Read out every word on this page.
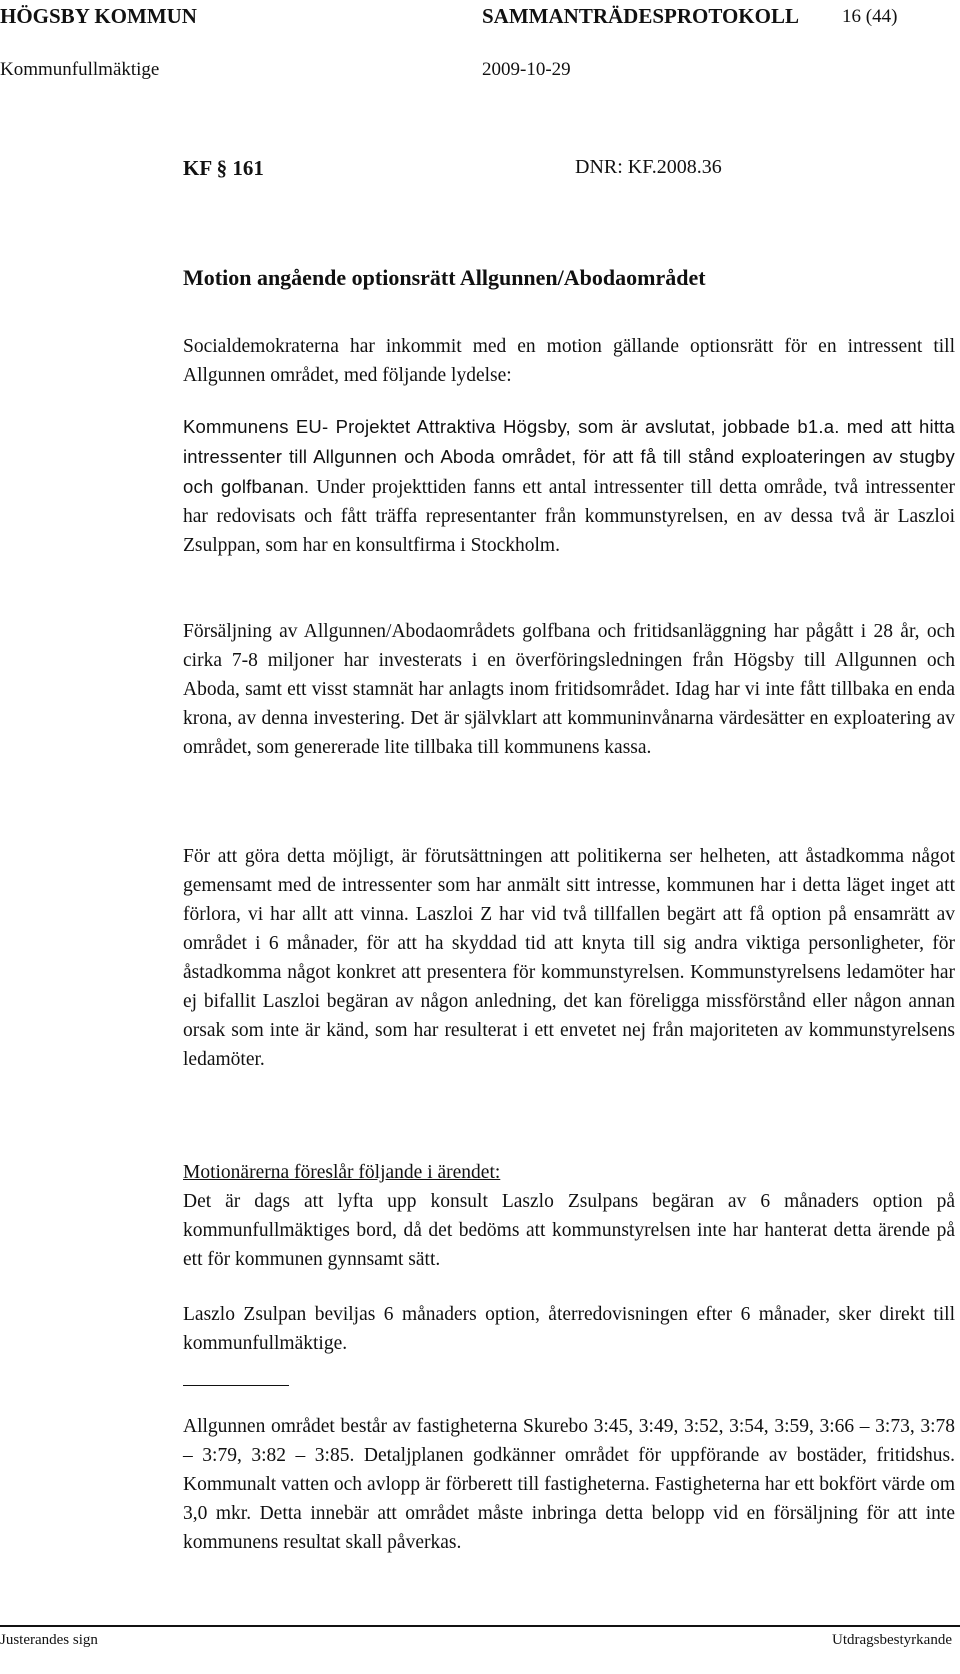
HÖGSBY KOMMUN	SAMMANTRÄDESPROTOKOLL 16 (44)
Kommunfullmäktige	2009-10-29
KF § 161	DNR: KF.2008.36
Motion angående optionsrätt Allgunnen/Abodaområdet

Socialdemokraterna har inkommit med en motion gällande optionsrätt för en intressent till Allgunnen området, med följande lydelse:

Kommunens EU- Projektet Attraktiva Högsby, som är avslutat, jobbade b1.a. med att hitta intressenter till Allgunnen och Aboda området, för att få till stånd exploateringen av stugby och golfbanan. Under projekttiden fanns ett antal intressenter till detta område, två intressenter har redovisats och fått träffa representanter från kommunstyrelsen, en av dessa två är Laszloi Zsulppan, som har en konsultfirma i Stockholm.

Försäljning av Allgunnen/Abodaområdets golfbana och fritidsanläggning har pågått i 28 år, och cirka 7-8 miljoner har investerats i en överföringsledningen från Högsby till Allgunnen och Aboda, samt ett visst stamnät har anlagts inom fritidsområdet. Idag har vi inte fått tillbaka en enda krona, av denna investering. Det är självklart att kommuninvånarna värdesätter en exploatering av området, som genererade lite tillbaka till kommunens kassa.

För att göra detta möjligt, är förutsättningen att politikerna ser helheten, att åstadkomma något gemensamt med de intressenter som har anmält sitt intresse, kommunen har i detta läget inget att förlora, vi har allt att vinna. Laszloi Z har vid två tillfallen begärt att få option på ensamrätt av området i 6 månader, för att ha skyddad tid att knyta till sig andra viktiga personligheter, för åstadkomma något konkret att presentera för kommunstyrelsen. Kommunstyrelsens ledamöter har ej bifallit Laszloi begäran av någon anledning, det kan föreligga missförstånd eller någon annan orsak som inte är känd, som har resulterat i ett envetet nej från majoriteten av kommunstyrelsens ledamöter.

Motionärerna föreslår följande i ärendet:

Det är dags att lyfta upp konsult Laszlo Zsulpans begäran av 6 månaders option på kommunfullmäktiges bord, då det bedöms att kommunstyrelsen inte har hanterat detta ärende på ett för kommunen gynnsamt sätt.

Laszlo Zsulpan beviljas 6 månaders option, återredovisningen efter 6 månader, sker direkt till kommunfullmäktige.

Allgunnen området består av fastigheterna Skurebo 3:45, 3:49, 3:52, 3:54, 3:59, 3:66 – 3:73, 3:78 – 3:79, 3:82 – 3:85. Detaljplanen godkänner området för uppförande av bostäder, fritidshus. Kommunalt vatten och avlopp är förberett till fastigheterna. Fastigheterna har ett bokfört värde om 3,0 mkr. Detta innebär att området måste inbringa detta belopp vid en försäljning för att inte kommunens resultat skall påverkas.

Justerandes sign	Utdragsbestyrkande
